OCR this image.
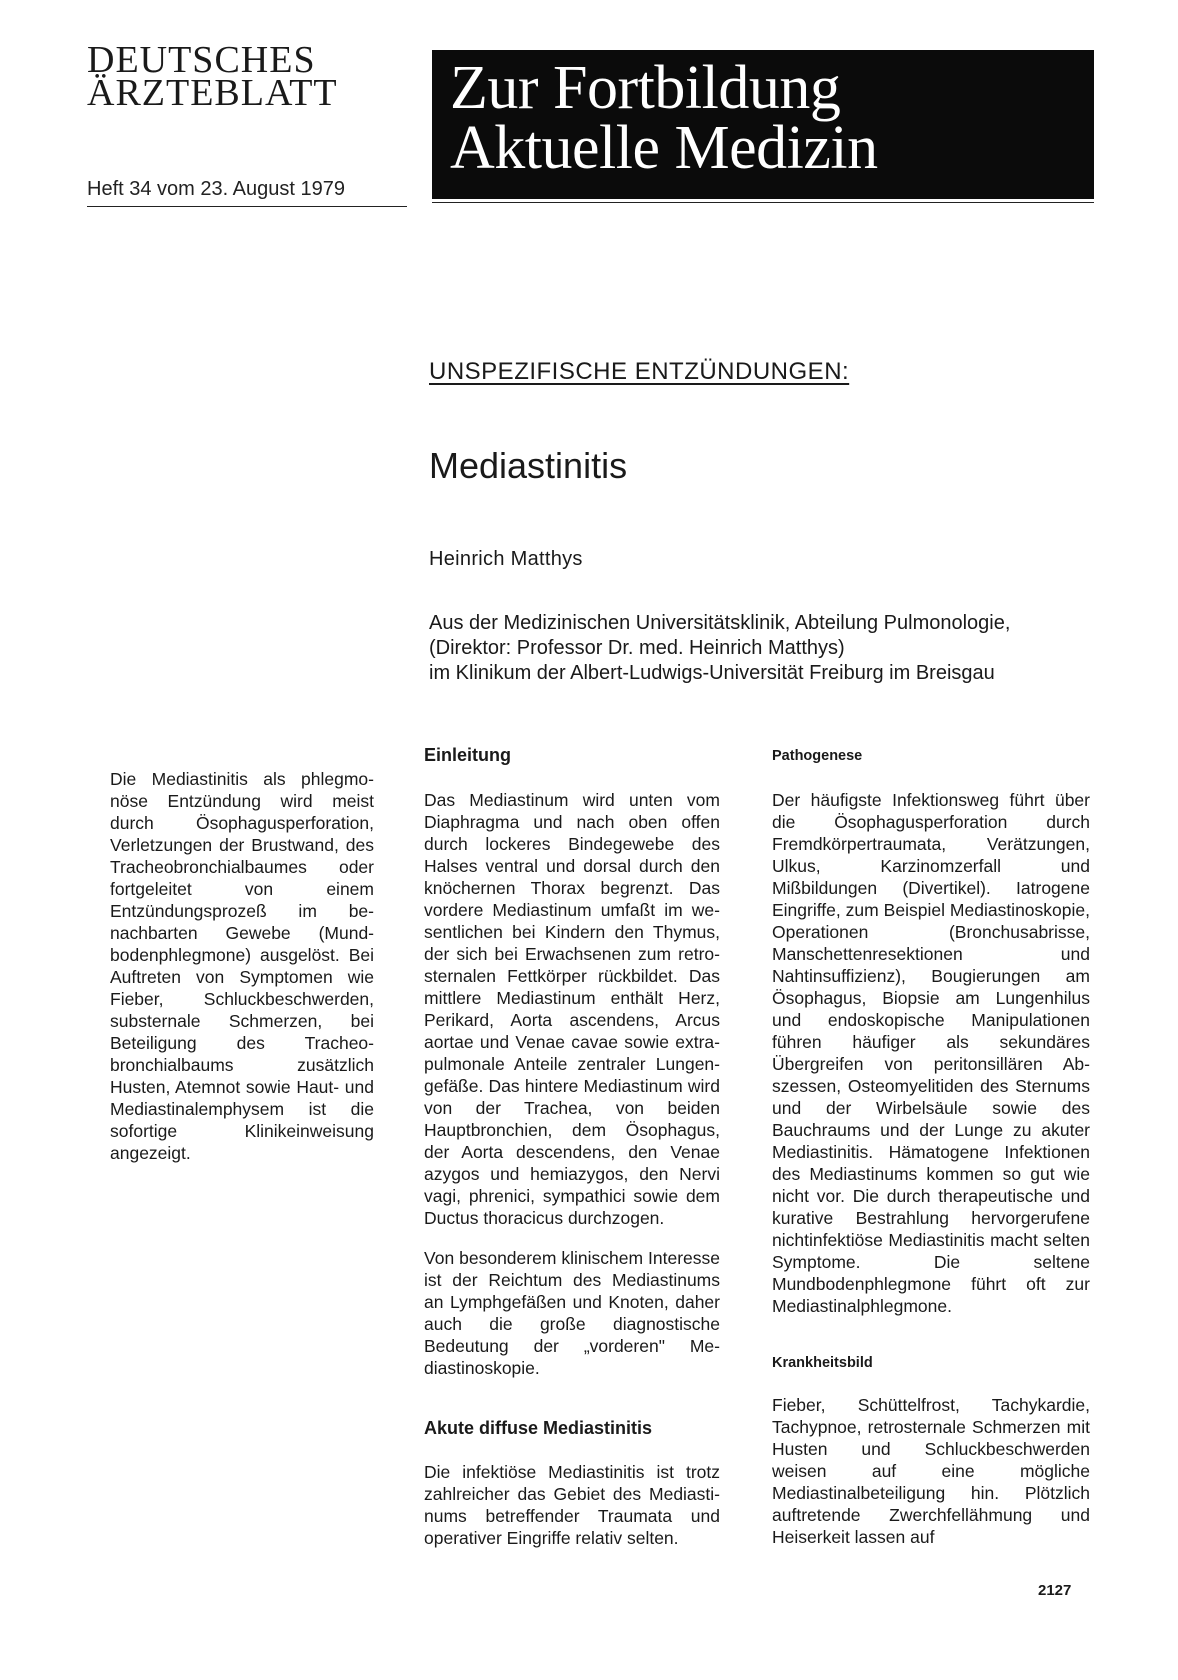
DEUTSCHES
ÄRZTEBLATT
Heft 34 vom 23. August 1979
Zur Fortbildung
Aktuelle Medizin
UNSPEZIFISCHE ENTZÜNDUNGEN:
Mediastinitis
Heinrich Matthys
Aus der Medizinischen Universitätsklinik, Abteilung Pulmonologie,
(Direktor: Professor Dr. med. Heinrich Matthys)
im Klinikum der Albert-Ludwigs-Universität Freiburg im Breisgau

Die Mediastinitis als phlegmonöse Entzündung wird meist durch Ösophagusperforation, Verletzungen der Brustwand, des Tracheobronchialbaumes oder fortgeleitet von einem Entzündungsprozeß im benachbarten Gewebe (Mundbodenphlegmone) ausgelöst. Bei Auftreten von Symptomen wie Fieber, Schluckbeschwerden, substernale Schmerzen, bei Beteiligung des Tracheobronchialbaums zusätzlich Husten, Atemnot sowie Haut- und Mediastinalemphysem ist die sofortige Klinikeinweisung angezeigt.

Einleitung

Das Mediastinum wird unten vom Diaphragma und nach oben offen durch lockeres Bindegewebe des Halses ventral und dorsal durch den knöchernen Thorax begrenzt. Das vordere Mediastinum umfaßt im wesentlichen bei Kindern den Thymus, der sich bei Erwachsenen zum retrosternalen Fettkörper rückbildet. Das mittlere Mediastinum enthält Herz, Perikard, Aorta ascendens, Arcus aortae und Venae cavae sowie extrapulmonale Anteile zentraler Lungengefäße. Das hintere Mediastinum wird von der Trachea, von beiden Hauptbronchien, dem Ösophagus, der Aorta descendens, den Venae azygos und hemiazygos, den Nervi vagi, phrenici, sympathici sowie dem Ductus thoracicus durchzogen.

Von besonderem klinischem Interesse ist der Reichtum des Mediastinums an Lymphgefäßen und Knoten, daher auch die große diagnostische Bedeutung der „vorderen" Mediastinoskopie.

Akute diffuse Mediastinitis

Die infektiöse Mediastinitis ist trotz zahlreicher das Gebiet des Mediastinums betreffender Traumata und operativer Eingriffe relativ selten.

Pathogenese

Der häufigste Infektionsweg führt über die Ösophagusperforation durch Fremdkörpertraumata, Verätzungen, Ulkus, Karzinomzerfall und Mißbildungen (Divertikel). Iatrogene Eingriffe, zum Beispiel Mediastinoskopie, Operationen (Bronchusabrisse, Manschettenresektionen und Nahtinsuffizienz), Bougierungen am Ösophagus, Biopsie am Lungenhilus und endoskopische Manipulationen führen häufiger als sekundäres Übergreifen von peritonsillären Abszessen, Osteomyelitiden des Sternums und der Wirbelsäule sowie des Bauchraums und der Lunge zu akuter Mediastinitis. Hämatogene Infektionen des Mediastinums kommen so gut wie nicht vor. Die durch therapeutische und kurative Bestrahlung hervorgerufene nichtinfektiöse Mediastinitis macht selten Symptome. Die seltene Mundbodenphlegmone führt oft zur Mediastinalphlegmone.

Krankheitsbild

Fieber, Schüttelfrost, Tachykardie, Tachypnoe, retrosternale Schmerzen mit Husten und Schluckbeschwerden weisen auf eine mögliche Mediastinalbeteiligung hin. Plötzlich auftretende Zwerchfellähmung und Heiserkeit lassen auf

2127
